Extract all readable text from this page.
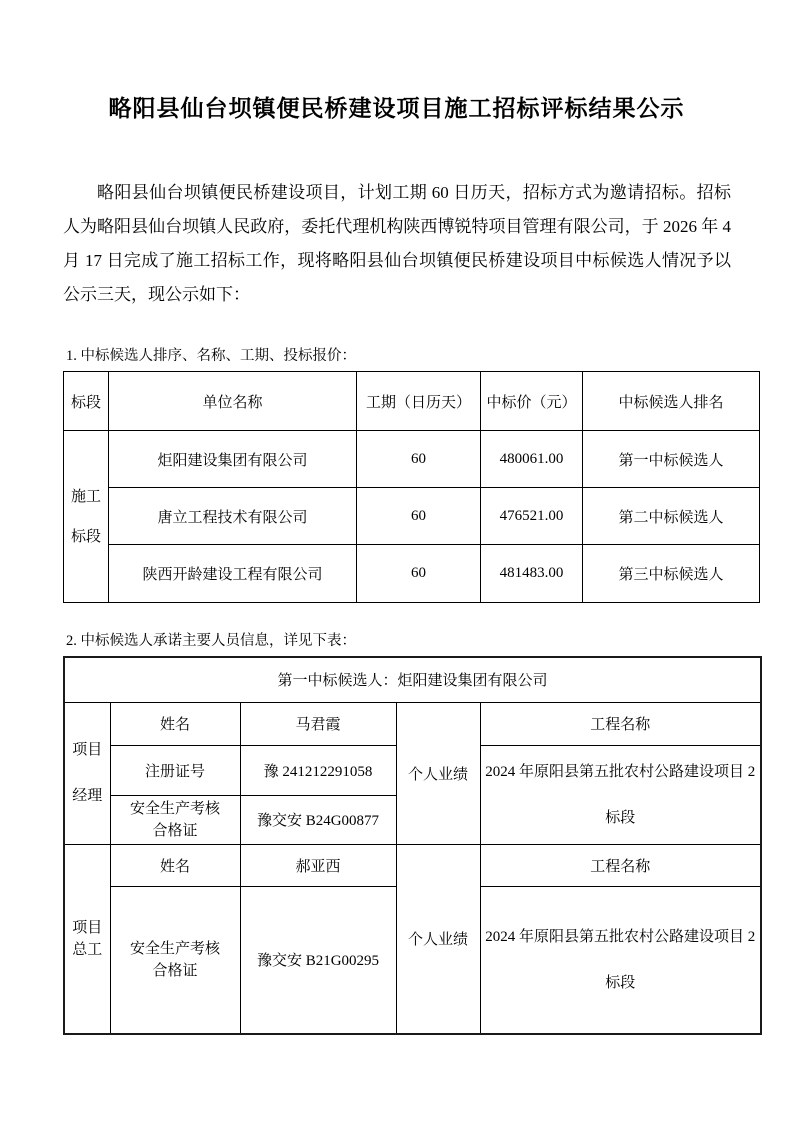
略阳县仙台坝镇便民桥建设项目施工招标评标结果公示

略阳县仙台坝镇便民桥建设项目，计划工期 60 日历天，招标方式为邀请招标。招标人为略阳县仙台坝镇人民政府，委托代理机构陕西博锐特项目管理有限公司，于 2026 年 4 月 17 日完成了施工招标工作，现将略阳县仙台坝镇便民桥建设项目中标候选人情况予以公示三天，现公示如下：

1. 中标候选人排序、名称、工期、投标报价：

标段	单位名称	工期（日历天）	中标价（元）	中标候选人排名
施工标段	炬阳建设集团有限公司	60	480061.00	第一中标候选人
	唐立工程技术有限公司	60	476521.00	第二中标候选人
	陕西开龄建设工程有限公司	60	481483.00	第三中标候选人

2. 中标候选人承诺主要人员信息，详见下表：

第一中标候选人：炬阳建设集团有限公司				
项目经理	姓名	马君霞	个人业绩	工程名称
	注册证号	豫 241212291058		2024 年原阳县第五批农村公路建设项目 2 标段
	安全生产考核合格证	豫交安 B24G00877		
项目总工	姓名	郝亚西	个人业绩	工程名称
	安全生产考核合格证	豫交安 B21G00295		2024 年原阳县第五批农村公路建设项目 2 标段
